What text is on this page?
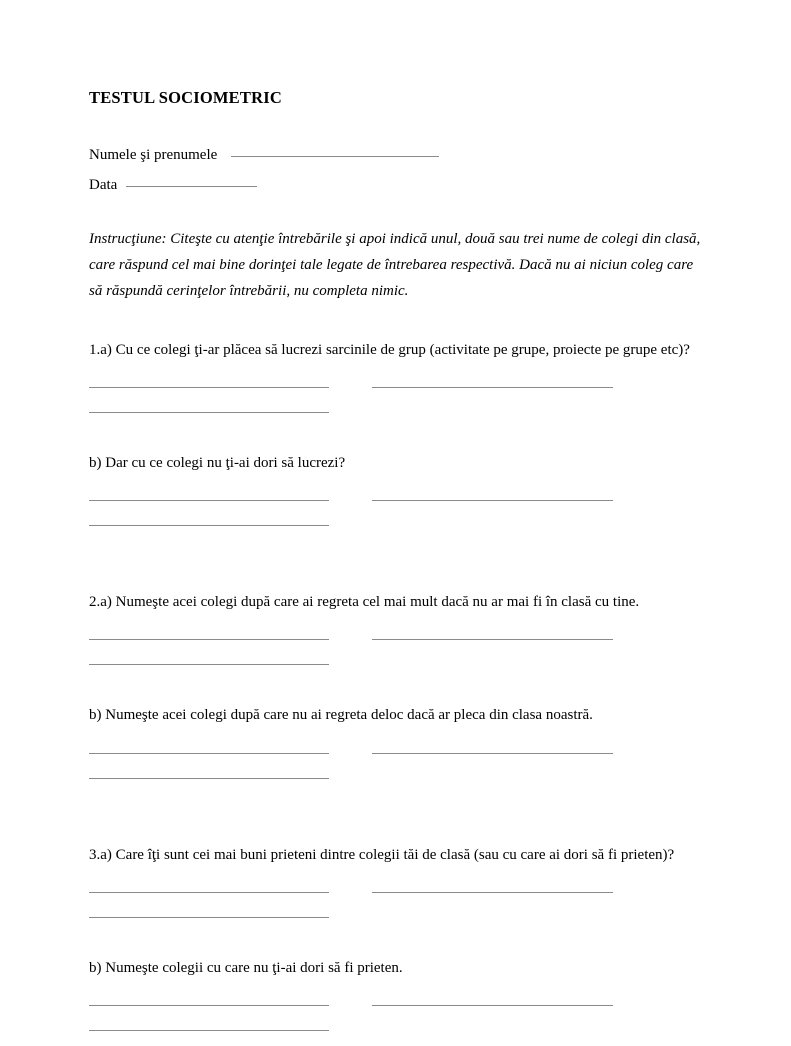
TESTUL SOCIOMETRIC
Numele şi prenumele
Data

Instrucţiune: Citeşte cu atenţie întrebările şi apoi indică unul, două sau trei nume de colegi din clasă, care răspund cel mai bine dorinţei tale legate de întrebarea respectivă. Dacă nu ai niciun coleg care să răspundă cerinţelor întrebării, nu completa nimic.

1.a) Cu ce colegi ţi-ar plăcea să lucrezi sarcinile de grup (activitate pe grupe, proiecte pe grupe etc)?

b) Dar cu ce colegi nu ţi-ai dori să lucrezi?

2.a) Numeşte acei colegi după care ai regreta cel mai mult dacă nu ar mai fi în clasă cu tine.

b) Numeşte acei colegi după care nu ai regreta deloc dacă ar pleca din clasa noastră.

3.a) Care îţi sunt cei mai buni prieteni dintre colegii tăi de clasă (sau cu care ai dori să fi prieten)?

b) Numeşte colegii cu care nu ţi-ai dori să fi prieten.
